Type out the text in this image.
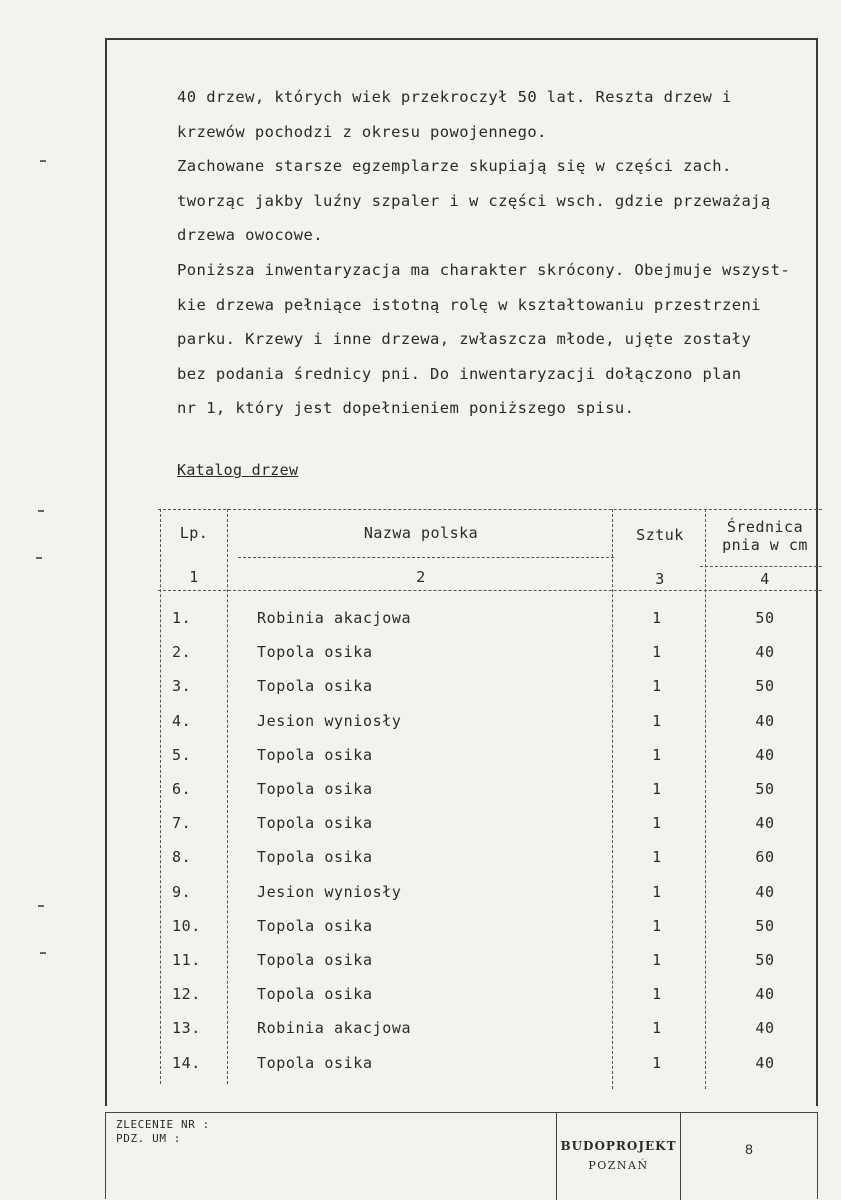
40 drzew, których wiek przekroczył 50 lat. Reszta drzew i
krzewów pochodzi z okresu powojennego.
Zachowane starsze egzemplarze skupiają się w części zach.
tworząc jakby luźny szpaler i w części wsch. gdzie przeważają
drzewa owocowe.
Poniższa inwentaryzacja ma charakter skrócony. Obejmuje wszyst-
kie drzewa pełniące istotną rolę w kształtowaniu przestrzeni
parku. Krzewy i inne drzewa, zwłaszcza młode, ujęte zostały
bez podania średnicy pni. Do inwentaryzacji dołączono plan
nr 1, który jest dopełnieniem poniższego spisu.
Katalog drzew
Lp.	Nazwa polska	Sztuk	Średnica
pnia w cm
1	2	3	4
1.	Robinia akacjowa	1	50
2.	Topola osika	1	40
3.	Topola osika	1	50
4.	Jesion wyniosły	1	40
5.	Topola osika	1	40
6.	Topola osika	1	50
7.	Topola osika	1	40
8.	Topola osika	1	60
9.	Jesion wyniosły	1	40
10.	Topola osika	1	50
11.	Topola osika	1	50
12.	Topola osika	1	40
13.	Robinia akacjowa	1	40
14.	Topola osika	1	40
ZLECENIE NR :
PDZ. UM :
BUDOPROJEKT
POZNAŃ
8
